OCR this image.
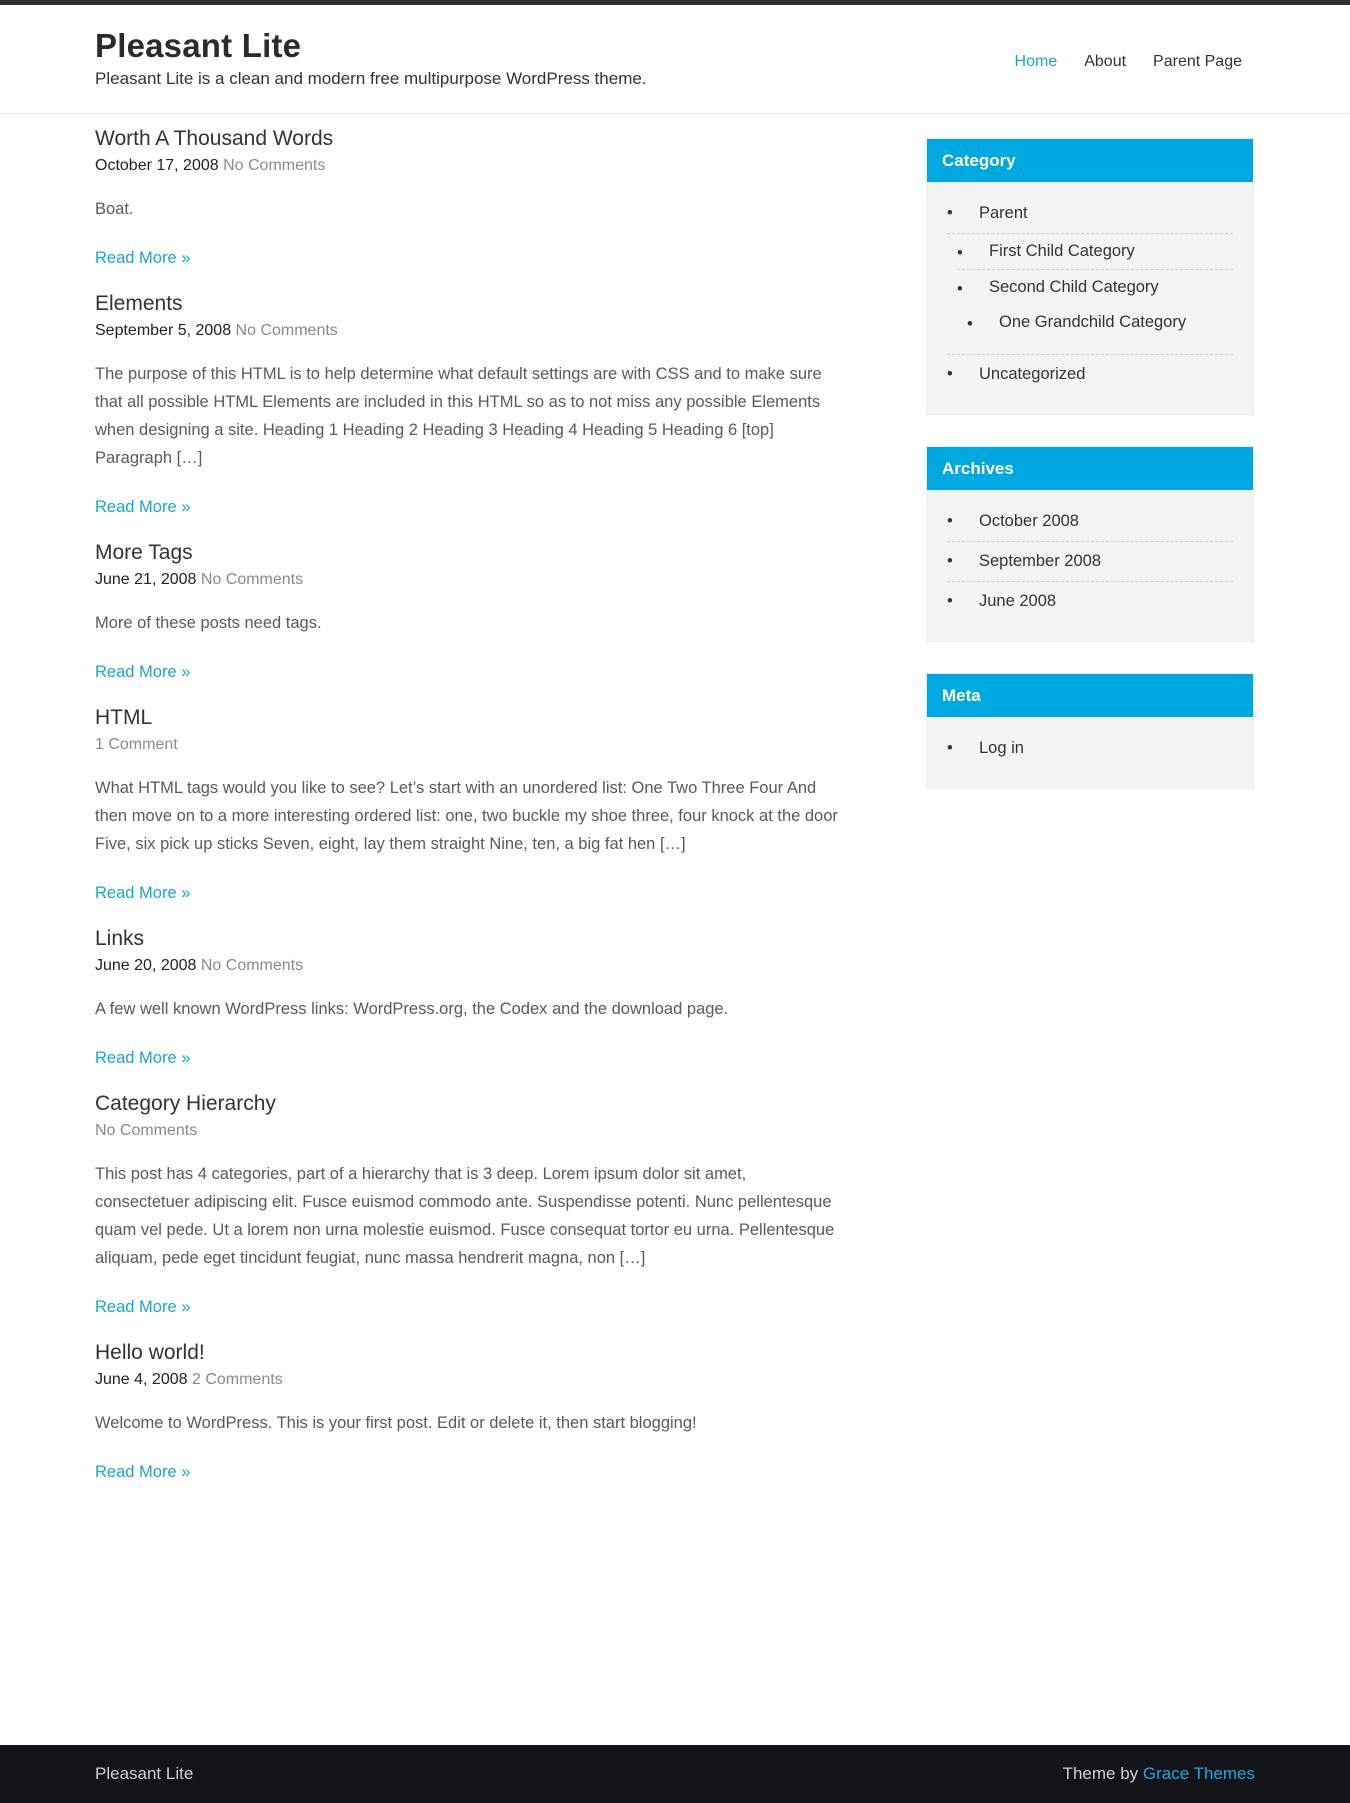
Pleasant Lite

Pleasant Lite is a clean and modern free multipurpose WordPress theme.

Home About Parent Page
Worth A Thousand Words
October 17, 2008 No Comments

Boat.

Read More »
Elements
September 5, 2008 No Comments

The purpose of this HTML is to help determine what default settings are with CSS and to make sure that all possible HTML Elements are included in this HTML so as to not miss any possible Elements when designing a site. Heading 1 Heading 2 Heading 3 Heading 4 Heading 5 Heading 6 [top] Paragraph […]

Read More »
More Tags
June 21, 2008 No Comments

More of these posts need tags.

Read More »
HTML
1 Comment

What HTML tags would you like to see? Let’s start with an unordered list: One Two Three Four And then move on to a more interesting ordered list: one, two buckle my shoe three, four knock at the door Five, six pick up sticks Seven, eight, lay them straight Nine, ten, a big fat hen […]

Read More »
Links
June 20, 2008 No Comments

A few well known WordPress links: WordPress.org, the Codex and the download page.

Read More »
Category Hierarchy
No Comments

This post has 4 categories, part of a hierarchy that is 3 deep. Lorem ipsum dolor sit amet, consectetuer adipiscing elit. Fusce euismod commodo ante. Suspendisse potenti. Nunc pellentesque quam vel pede. Ut a lorem non urna molestie euismod. Fusce consequat tortor eu urna. Pellentesque aliquam, pede eget tincidunt feugiat, nunc massa hendrerit magna, non […]

Read More »
Hello world!
June 4, 2008 2 Comments

Welcome to WordPress. This is your first post. Edit or delete it, then start blogging!

Read More »
Category
• Parent
• First Child Category
• Second Child Category
• One Grandchild Category
• Uncategorized
Archives
• October 2008
• September 2008
• June 2008
Meta
• Log in
Pleasant Lite	Theme by Grace Themes
